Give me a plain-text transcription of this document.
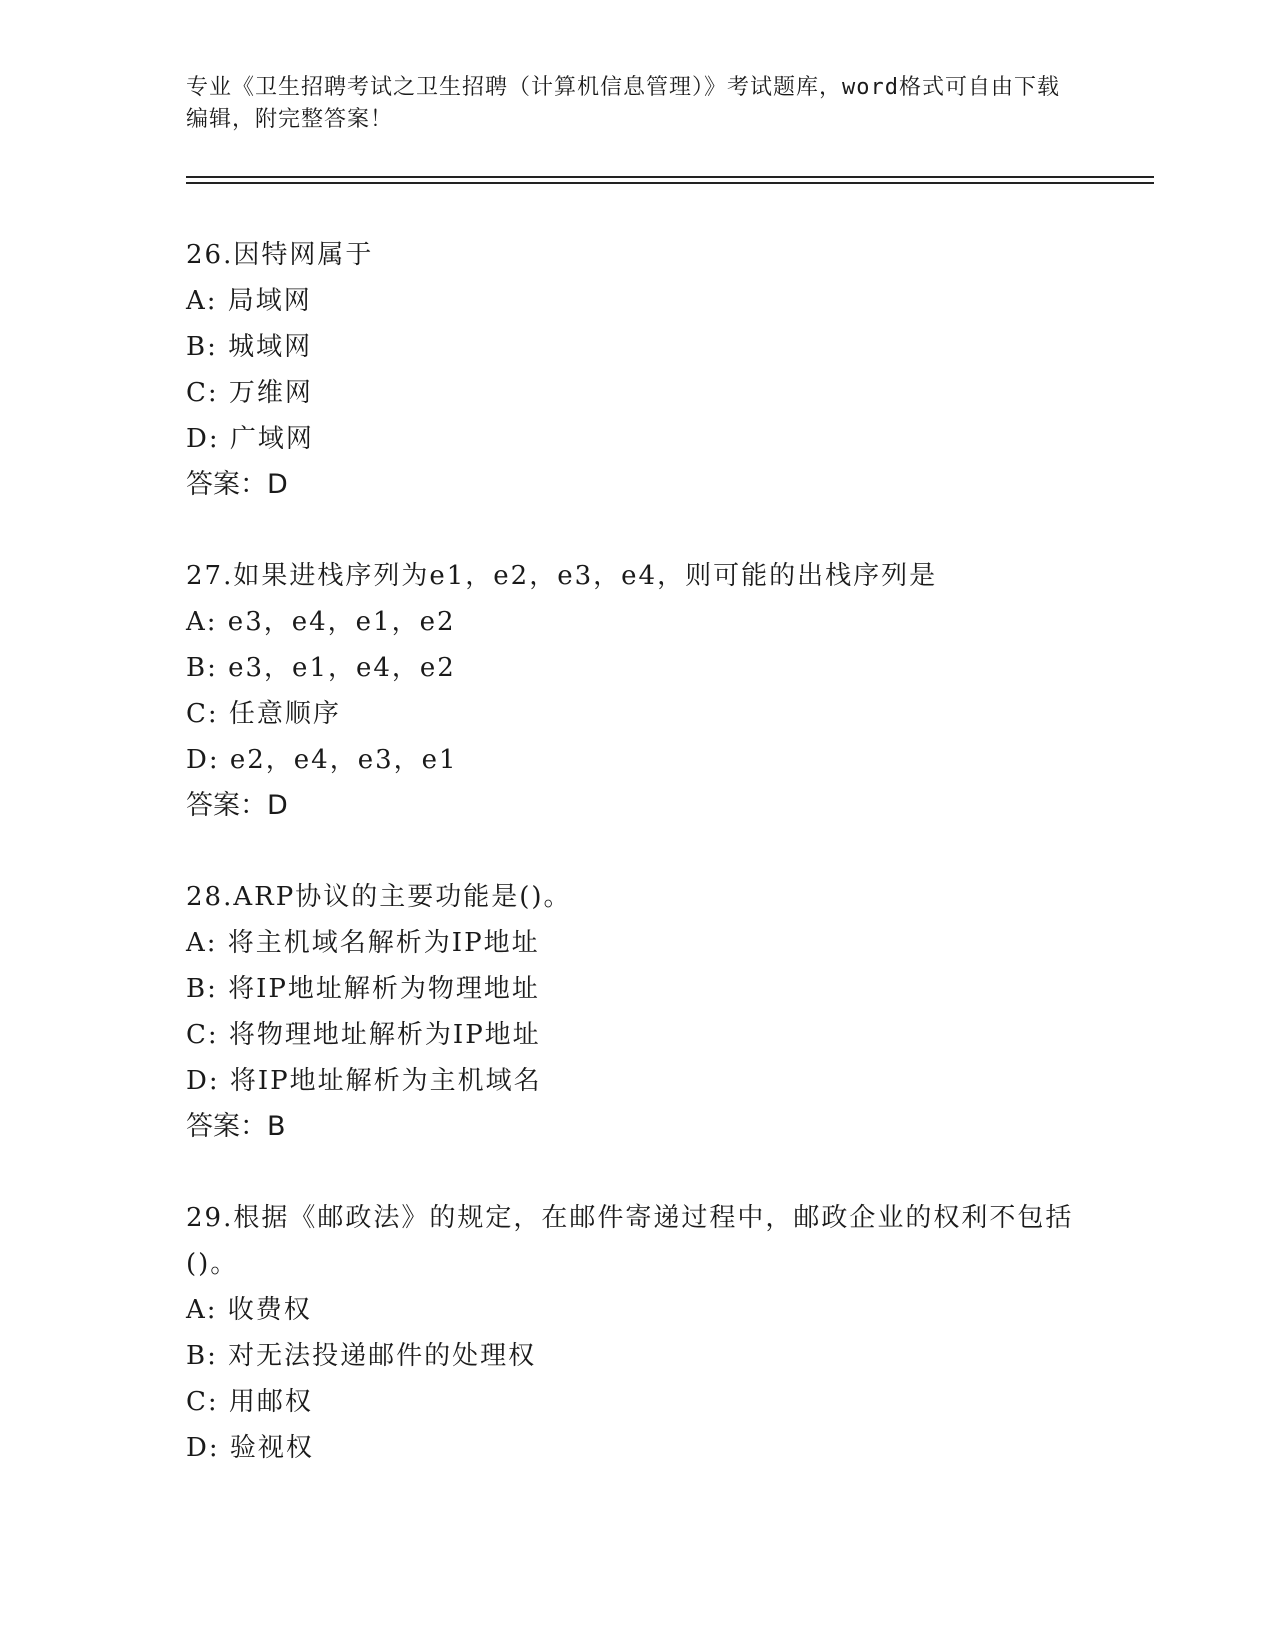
专业《卫生招聘考试之卫生招聘（计算机信息管理）》考试题库，word格式可自由下载编辑，附完整答案！

26.因特网属于

A: 局域网

B: 城域网

C: 万维网

D: 广域网

答案：D

27.如果进栈序列为e1，e2，e3，e4，则可能的出栈序列是

A: e3，e4，e1，e2

B: e3，e1，e4，e2

C: 任意顺序

D: e2，e4，e3，e1

答案：D

28.ARP协议的主要功能是()。

A: 将主机域名解析为IP地址

B: 将IP地址解析为物理地址

C: 将物理地址解析为IP地址

D: 将IP地址解析为主机域名

答案：B

29.根据《邮政法》的规定，在邮件寄递过程中，邮政企业的权利不包括()。

A: 收费权

B: 对无法投递邮件的处理权

C: 用邮权

D: 验视权
